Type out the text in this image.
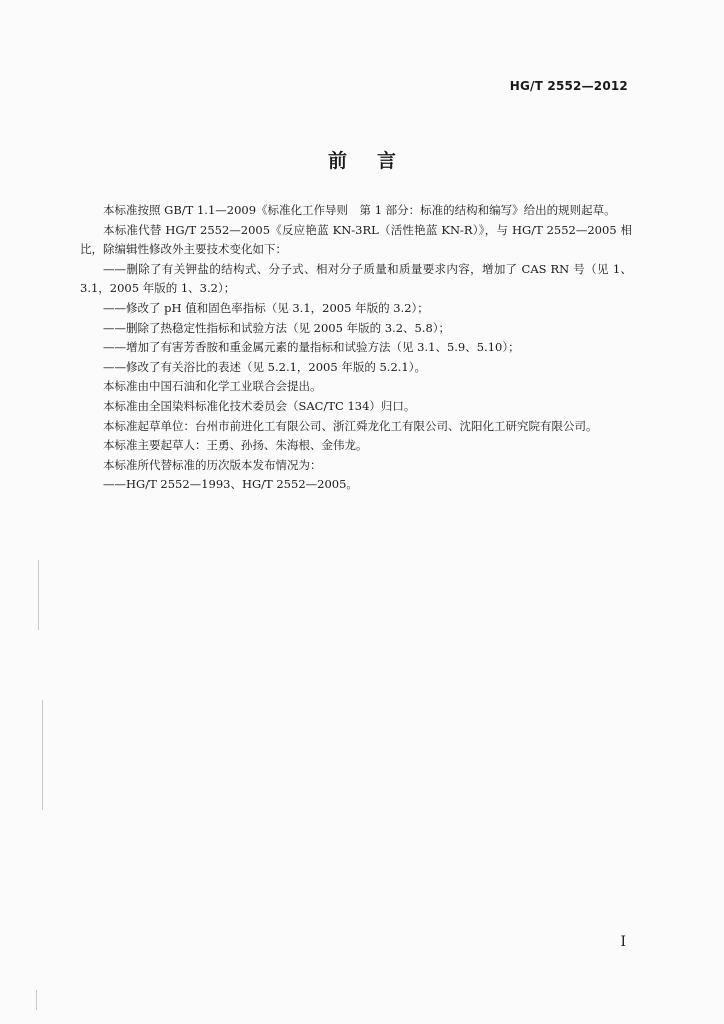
HG/T 2552—2012
前言

本标准按照 GB/T 1.1—2009《标准化工作导则　第 1 部分：标准的结构和编写》给出的规则起草。

本标准代替 HG/T 2552—2005《反应艳蓝 KN-3RL（活性艳蓝 KN-R）》，与 HG/T 2552—2005 相比，除编辑性修改外主要技术变化如下：

——删除了有关钾盐的结构式、分子式、相对分子质量和质量要求内容，增加了 CAS RN 号（见 1、3.1，2005 年版的 1、3.2）；

——修改了 pH 值和固色率指标（见 3.1，2005 年版的 3.2）；

——删除了热稳定性指标和试验方法（见 2005 年版的 3.2、5.8）；

——增加了有害芳香胺和重金属元素的量指标和试验方法（见 3.1、5.9、5.10）；

——修改了有关浴比的表述（见 5.2.1，2005 年版的 5.2.1）。

本标准由中国石油和化学工业联合会提出。

本标准由全国染料标准化技术委员会（SAC/TC 134）归口。

本标准起草单位：台州市前进化工有限公司、浙江舜龙化工有限公司、沈阳化工研究院有限公司。

本标准主要起草人：王勇、孙扬、朱海根、金伟龙。

本标准所代替标准的历次版本发布情况为：

——HG/T 2552—1993、HG/T 2552—2005。

I
